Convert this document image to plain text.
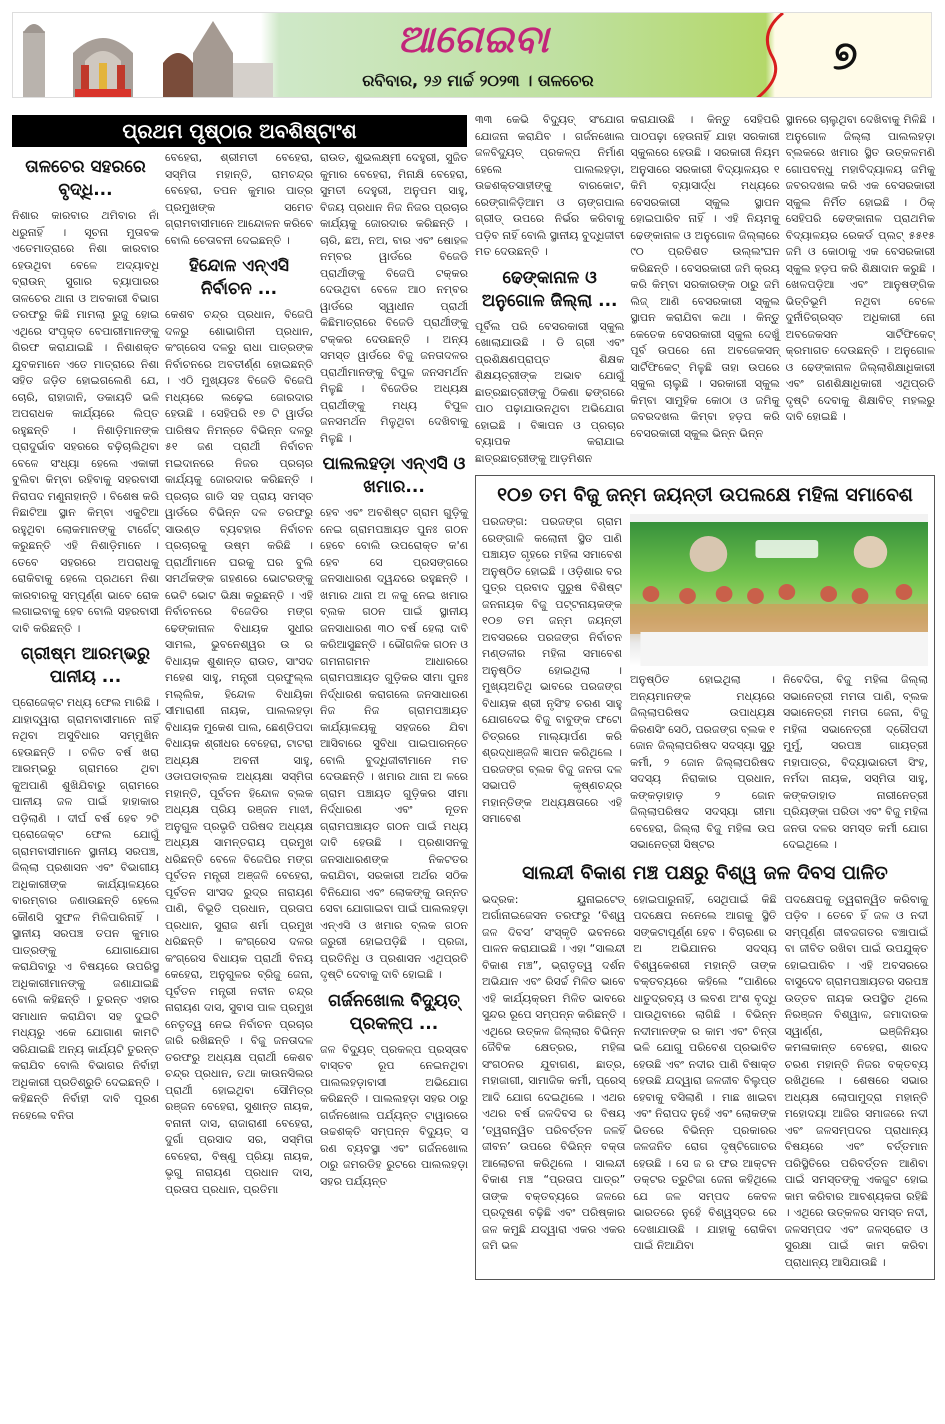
ଆଗେଇବା
ରବିବାର, ୨୬ ମାର୍ଚ୍ଚ ୨୦୨୩ । ତାଳଚେର
୭
ପ୍ରଥମ ପୃଷ୍ଠାର ଅବଶିଷ୍ଟାଂଶ
ତାଳଚେର ସହରରେ ବୃଦ୍ଧି...

ନିଶାର କାରବାର ଥମିବାର ନାଁ ଧରୁନାହିଁ । ସୂଚନା ମୁତାବକ ଏତେମାତ୍ରାରେ ନିଶା କାରବାର ହେଉଥିବା ବେଳେ ଅଦ୍ୟାବଧି ବ୍ରାଉନ୍ ସୁଗାର ବ୍ୟାପାରର ତାଳଚେର ଥାନା ଓ ଅବକାରୀ ବିଭାଗ ତରଫରୁ କିଛି ମାମଲା ରୁଜୁ ହୋଇ ଏଥିରେ ସଂପୃକ୍ତ ବେପାରୀମାନଙ୍କୁ ଗିରଫ କରାଯାଇଛି । ନିଶାଶକ୍ତ ଯୁବକମାନେ ଏତେ ମାତ୍ରାରେ ନିଶା ସହିତ ଜଡ଼ିତ ହୋଇଗଲେଣି ଯେ, ଚୋରି, ରାହାଜାନି, ଡକାୟତି ଭଳି ଅପରାଧକ କାର୍ଯ୍ୟରେ ଲିପ୍ତ ରହୁଛନ୍ତି । ନିଶାଡ଼ିମାନଙ୍କ ପ୍ରାଦୁର୍ଭାବ ସହରରେ ବଢ଼ିଚାଲିଥିବା ବେଳେ ସଂଧ୍ୟା ହେଲେ ଏକାକୀ ବୁଲିବା କିମ୍ବା ରହିବାକୁ ସହରବାସୀ ନିରାପଦ ମଣୁନାହାନ୍ତି । ବିଶେଷ କରି ନିଛାଟିଆ ସ୍ଥାନ କିମ୍ବା ଏକୁଟିଆ ରହୁଥିବା ଲୋକମାନଙ୍କୁ ଟାର୍ଗେଟ୍ କରୁଛନ୍ତି ଏହି ନିଶାଡ଼ିମାନେ । ତେବେ ସହରରେ ଅପରାଧକୁ ରୋକିବାକୁ ହେଲେ ପ୍ରଥମେ ନିଶା କାରବାରକୁ ସମ୍ପୂର୍ଣ୍ଣ ଭାବେ ରୋକ ଲଗାଇବାକୁ ହେବ ବୋଲି ସହରବାସୀ ଦାବି କରିଛନ୍ତି ।

ଗ୍ରୀଷ୍ମ ଆରମ୍ଭରୁ ପାନୀୟ ...

ପ୍ରୋଜେକ୍ଟ ମଧ୍ୟ ଫେଲ ମାରିଛି । ଯାହାଦ୍ୱାରା ଗ୍ରାମବାସୀମାନେ ନାହିଁ ନଥିବା ଅସୁବିଧାର ସମ୍ମୁଖିନ ହେଉଛନ୍ତି । ଚଳିତ ବର୍ଷ ଖରା ଆରମ୍ଭରୁ ଗ୍ରାମରେ ଥିବା କୁଅପାଣି ଶୁଖିଯିବାରୁ ଗ୍ରାମରେ ପାନୀୟ ଜଳ ପାଇଁ ହାହାକାର ପଡ଼ିଲାଣି । ଦୀର୍ଘ ବର୍ଷ ହେବ ୨ଟି ପ୍ରୋଜେକ୍ଟ ଫେଲ ଯୋଗୁଁ ଗ୍ରାମବାସୀମାନେ ସ୍ଥାନୀୟ ସରପଞ୍ଚ, ଜିଲ୍ଲା ପ୍ରଶାସନ ଏବଂ ବିଭାଗୀୟ ଅଧିକାରୀଙ୍କ କାର୍ଯ୍ୟାଳୟରେ ବାରମ୍ବାର ଜଣାଉଛନ୍ତି ହେଲେ କୌଣସି ସୁଫଳ ମିଳିପାରିନାହିଁ । ସ୍ଥାନୀୟ ସରପଞ୍ଚ ତପନ କୁମାର ପାତ୍ରଙ୍କୁ ଯୋଗାଯୋଗ କରାଯିବାରୁ ଏ ବିଷୟରେ ଉପରିସ୍ଥ ଅଧିକାରୀମାନଙ୍କୁ ଜଣାଯାଇଛି ବୋଲି କହିଛନ୍ତି । ତୁରନ୍ତ ଏହାର ସମାଧାନ କରାଯିବା ସହ ଦୁଇଟି ମଧ୍ୟରୁ ଏକେ ଯୋଗାଣ କାମଟି ସରିଯାଇଛି ଅନ୍ୟ କାର୍ଯ୍ୟଟି ତୁରନ୍ତ କରାଯିବ ବୋଲି ବିଭାଗର ନିର୍ବାହୀ ଅଧିକାରୀ ପ୍ରତିଶ୍ରୁତି ଦେଇଛନ୍ତି । କହିଛନ୍ତି ନିର୍ବାହୀ ଦାବି ପୂରଣ ନହେଲେ ବନିତା

ବେହେରା, ଶ୍ରୀମତୀ ବେହେରା, ସସ୍ମିତା ମହାନ୍ତି, ରାମଚନ୍ଦ୍ର ବେହେରା, ତପନ କୁମାର ପାତ୍ର ପ୍ରମୁଖଙ୍କ ସମେତ ଗ୍ରାମବାସୀମାନେ ଆନ୍ଦୋଳନ କରିବେ ବୋଲି ଚେତାବନୀ ଦେଇଛନ୍ତି ।

ହିନ୍ଦୋଳ ଏନ୍ଏସି ନିର୍ବାଚନ ...

କେଶବ ଚନ୍ଦ୍ର ପ୍ରଧାନ, ବିଜେପି ଦଳରୁ ଶୋଭାଗିନୀ ପ୍ରଧାନ, କଂଗ୍ରେସ ଦଳରୁ ରାଧା ପାତ୍ରଙ୍କ ନିର୍ବାଚନରେ ଅବତୀର୍ଣ୍ଣ ହୋଇଛନ୍ତି । ଏଠି ମୁଖ୍ୟତଃ ବିଜେଡି ବିଜେପି ମଧ୍ୟରେ ଲଢ଼େଇ ଜୋରଦାର ହେଉଛି । ସେହିପରି ୧୭ ଟି ୱାର୍ଡର ପାରିଷଦ ନିମନ୍ତେ ବିଭିନ୍ନ ଦଳରୁ ୫୧ ଜଣ ପ୍ରାର୍ଥୀ ନିର୍ବାଚନ ମଇଦାନରେ ନିଜର ପ୍ରଚାର କାର୍ଯ୍ୟକୁ ଜୋରଦାର କରିଛନ୍ତି । ପ୍ରଚାର ଗାଡି ସହ ପ୍ରାୟ ସମସ୍ତ ୱାର୍ଡରେ ବିଭିନ୍ନ ଦଳ ତରଫରୁ ସାଉଣ୍ଡ ବ୍ୟବହାର ନିର୍ବାଚନ ପ୍ରଚାରକୁ ଉଷ୍ମ କରିଛି । ପ୍ରାର୍ଥୀମାନେ ଘରକୁ ଘର ବୁଲି ସମର୍ଥକଙ୍କ ଗହଣରେ ଭୋଟରଙ୍କୁ ଭେଟି ଭୋଟ ଭିକ୍ଷା କରୁଛନ୍ତି । ଏହି ନିର୍ବାଚନରେ ବିଜେଡିର ମଙ୍ଗ ଢେଙ୍କାନାଳ ବିଧାୟକ ସୁଧୀର ସାମଲ, ଭୁବନେଶ୍ୱର ଉ ର ବିଧାୟକ ଶୁଶାନ୍ତ ରାଉତ, ସାଂସଦ ମହେଶ ସାହୁ, ମନ୍ତ୍ରୀ ପ୍ରଫୁଲ୍ଲ ମଲ୍ଲିକ, ହିନ୍ଦୋଳ ବିଧାୟିକା ସୀମାରାଣୀ ନାୟକ, ପାଲଲହଡ଼ା ବିଧାୟକ ମୁକେଶ ପାଲ, ଛେଣ୍ଡିପଦା ବିଧାୟକ ଶ୍ରୀଧର ବେହେରା, ଟାଟରା ଅଧ୍ୟକ୍ଷ ଅବନୀ ସାହୁ, ଓଡାପଡାବ୍ଲକ ଅଧ୍ୟକ୍ଷା ସସ୍ମିତା ମହାନ୍ତି, ପୂର୍ବତନ ହିନ୍ଦୋଳ ବ୍ଲକ ଅଧ୍ୟକ୍ଷ ପ୍ରିୟ ରଞ୍ଜନ ମାଝୀ, ଅନୁଗୁଳ ପ୍ରଭୃତି ପରିଷଦ ଅଧ୍ୟକ୍ଷ ଅଧ୍ୟକ୍ଷ ସାମନ୍ତରାୟ ପ୍ରମୁଖ ଧରିଛନ୍ତି ବେଳେ ବିଜେପିର ମଙ୍ଗ ପୂର୍ବତନ ମନ୍ତ୍ରୀ ଅଞ୍ଜଳି ବେହେରା, ପୂର୍ବତନ ସାଂସଦ ରୁଦ୍ର ନାରାୟଣ ପାଣି, ବିଭୂତି ପ୍ରଧାନ, ପ୍ରତାପ ପ୍ରଧାନ, ସୁରାଜ ଶର୍ମା ପ୍ରମୁଖ ଧରିଛନ୍ତି । କଂଗ୍ରେସ ଦଳର କଂଗ୍ରେସ ବିଧାୟକ ପ୍ରାର୍ଥୀ ବିନୟ କେହେରା, ଅନୁଗୁଳର ବ୍ରିଜୁ ଜେନା, ପୂର୍ବତନ ମନ୍ତ୍ରୀ ନବୀନ ଚନ୍ଦ୍ର ନାରାୟଣ ଦାସ, ସୁବାସ ପାଳ ପ୍ରମୁଖ ନେତୃତ୍ୱ ନେଇ ନିର୍ବାଚନ ପ୍ରଚାର ଜାରି ରଖିଛନ୍ତି । ବିଜୁ ଜନତାଦଳ ତରଫରୁ ଅଧ୍ୟକ୍ଷ ପ୍ରାର୍ଥୀ କେଶବ ଚନ୍ଦ୍ର ପ୍ରଧାନ, ତଥା କାଉନସିଲର ପ୍ରାର୍ଥୀ ହୋଇଥିବା ସୌମିତ୍ର ରଞ୍ଜନ ବେହେରା, ସୁଶାନ୍ତ ନାୟକ, ବନାନୀ ଦାସ, ରାଜାରାଣୀ ବେହେରା, ଦୁର୍ଗା ପ୍ରସାଦ ସର, ସସ୍ମିତା ବେହେରା, ବିଷ୍ଣୁ ପ୍ରିୟା ନାୟକ, ଭୃଗୁ ନାରାୟଣ ପ୍ରଧାନ ଦାସ, ପ୍ରତାପ ପ୍ରଧାନ, ପ୍ରତିମା

ରାଉତ, ଶୁଭଲକ୍ଷ୍ମୀ ଦେହୁରୀ, ସୁଜିତ କୁମାର ବେହେରା, ମିନାକ୍ଷି ବେହେରା, ସୁମତୀ ଦେହୁରୀ, ଅନୁପମ ସାହୁ, ବିଜୟ ପ୍ରଧାନ ନିଜ ନିଜର ପ୍ରଚାର କାର୍ଯ୍ୟକୁ ଜୋରଦାର କରିଛନ୍ତି । ଚାରି, ଛଅ, ନଅ, ବାର ଏବଂ ଷୋହଳ ନମ୍ବର ୱାର୍ଡରେ ବିଜେଡି ପ୍ରାର୍ଥୀଙ୍କୁ ବିଜେପି ଟକ୍କର ଦେଉଥିବା ବେଳେ ଆଠ ନମ୍ବର ୱାର୍ଡରେ ସ୍ୱାଧୀନ ପ୍ରାର୍ଥୀ କିଛିମାତ୍ରାରେ ବିଜେଡି ପ୍ରାର୍ଥୀଙ୍କୁ ଟକ୍କର ଦେଉଛନ୍ତି । ଅନ୍ୟ ସମସ୍ତ ୱାର୍ଡରେ ବିଜୁ ଜନତାଦଳର ପ୍ରାର୍ଥୀମାନଙ୍କୁ ବିପୁଳ ଜନସମର୍ଥନ ମିଳୁଛି । ବିଜେଡିର ଅଧ୍ୟକ୍ଷ ପ୍ରାର୍ଥୀଙ୍କୁ ମଧ୍ୟ ବିପୁଳ ଜନସମର୍ଥନ ମିଳୁଥିବା ଦେଖିବାକୁ ମିଳୁଛି ।

ପାଲଲହଡ଼ା ଏନ୍ଏସି ଓ ଖମାର...

ହେବ ଏବଂ ଅବଶିଷ୍ଟ ଗ୍ରାମ ଗୁଡ଼ିକୁ ନେଇ ଗ୍ରାମପଞ୍ଚାୟତ ପୁନଃ ଗଠନ ହେବେ ବୋଲି ଉପରୋକ୍ତ କ'ଣ ହେବ ସେ ପ୍ରସଙ୍ଗରେ ଜନସାଧାରଣ ଦ୍ୱନ୍ଦରେ ରହୁଛନ୍ତି । ଖମାର ଥାନା ଅ ଳକୁ ନେଇ ଖମାର ବ୍ଲକ ଗଠନ ପାଇଁ ସ୍ଥାନୀୟ ଜନସାଧାରଣ ୩୦ ବର୍ଷ ହେଲା ଦାବି କରିଆସୁଛନ୍ତି । ଭୌଗଳିକ ଗଠନ ଓ ଗମନାଗମନ ଆଧାରରେ ଗ୍ରାମପଞ୍ଚାୟତ ଗୁଡ଼ିକର ସୀମା ପୁନଃ ନିର୍ଦ୍ଧାରଣ କରାଗଲେ ଜନସାଧାରଣ ନିଜ ନିଜ ଗ୍ରାମପଞ୍ଚାୟତ କାର୍ଯ୍ୟାଳୟକୁ ସହଜରେ ଯିବା ଆସିବାରେ ସୁବିଧା ପାଇପାରନ୍ତେ ବୋଲି ବୁଦ୍ଧିଜୀବୀମାନେ ମତ ଦେଉଛନ୍ତି । ଖମାର ଥାନା ଅ ଳରେ ଗ୍ରାମ ପଞ୍ଚାୟତ ଗୁଡ଼ିକର ସୀମା ନିର୍ଦ୍ଧାରଣ ଏବଂ ନୂତନ ଗ୍ରାମପଞ୍ଚାୟତ ଗଠନ ପାଇଁ ମଧ୍ୟ ଦାବି ହେଉଛି । ପ୍ରଶାସନକୁ ଜନସାଧାରଣଙ୍କ ନିକଟତର କରାଯିବା, ସରକାରୀ ଅର୍ଥର ସଠିକ ବିନିଯୋଗ ଏବଂ ଲୋକଙ୍କୁ ଉନ୍ନତ ସେବା ଯୋଗାଇବା ପାଇଁ ପାଲଲହଡ଼ା ଏନ୍ଏସି ଓ ଖମାର ବ୍ଲକ ଗଠନ ଜରୁରୀ ହୋଇପଡ଼ିଛି । ପ୍ରଜା, ପ୍ରତିନିଧି ଓ ପ୍ରଶାସନ ଏଥିପ୍ରତି ଦୃଷ୍ଟି ଦେବାକୁ ଦାବି ହୋଇଛି ।

ଗର୍ଜନଖୋଲ ବିଦ୍ୟୁତ୍ ପ୍ରକଳ୍ପ ...

ଜଳ ବିଦ୍ୟୁତ୍ ପ୍ରକଳ୍ପ ପ୍ରସ୍ତାବ ବାସ୍ତବ ରୂପ ନେଇନଥିବା ପାଲଲହଡ଼ାବାସୀ ଅଭିଯୋଗ କରିଛନ୍ତି । ପାଲଲହଡ଼ା ସହର ଠାରୁ ଗର୍ଜନଖୋଲ ପର୍ଯ୍ୟନ୍ତ ଟାୱାରରେ ଉଚ୍ଚଶକ୍ତି ସମ୍ପନ୍ନ ବିଦ୍ୟୁତ୍ ସ ରଣ ବ୍ୟବସ୍ଥା ଏବଂ ଗର୍ଜନଖୋଲ ଠାରୁ ଜମରଡିହ ରୁଟରେ ପାଲଲହଡ଼ା ସହର ପର୍ଯ୍ୟନ୍ତ

୩୩ କେଭି ବିଦ୍ୟୁତ୍ ସଂଯୋଗ ଯୋଜନା କରାଯିବ । ଗର୍ଜନଖୋଲ ଜଳବିଦ୍ୟୁତ୍ ପ୍ରକଳ୍ପ ନିର୍ମାଣ ହେଲେ ପାଲଲହଡ଼ା, ଉଚ୍ଚଶକ୍ତସାହୀଙ୍କୁ ବାରକୋଟ, ରେଙ୍ଗାଳିଡ଼ିଆମ ଓ ଚାଙ୍ଗପାଲ ଗ୍ରୀଡ୍ ଉପରେ ନିର୍ଭର କରିବାକୁ ପଡ଼ିବ ନାହିଁ ବୋଲି ସ୍ଥାନୀୟ ବୁଦ୍ଧିଜୀବୀ ମତ ଦେଉଛନ୍ତି ।

ଢେଙ୍କାନାଳ ଓ ଅନୁଗୋଳ ଜିଲ୍ଲା ...

ପୂର୍ବିଲ ପରି ବେସରକାରୀ ସ୍କୁଲ ଖୋଲାଯାଉଛି । ଡି ଗ୍ରୀ ଏବଂ ପ୍ରଶିକ୍ଷଣପ୍ରାପ୍ତ ଶିକ୍ଷକ ଶିକ୍ଷୟତ୍ରୀଙ୍କ ଅଭାବ ଯୋଗୁଁ ଛାତ୍ରଛାତ୍ରୀଙ୍କୁ ଠିକଣା ଢଙ୍ଗରେ ପାଠ ପଢ଼ାଯାଉନଥିବା ଅଭିଯୋଗ ହୋଇଛି । ବିଜ୍ଞାପନ ଓ ପ୍ରଚାର ବ୍ୟାପକ କରାଯାଇ ଛାତ୍ରଛାତ୍ରୀଙ୍କୁ ଆଡ଼ମିଶନ

କରାଯାଉଛି । କିନ୍ତୁ ସେହିପରି ପାଠପଢ଼ା ହେଉନାହିଁ ଯାହା ସରକାରୀ ସ୍କୁଲରେ ହେଉଛି । ସରକାରୀ ନିୟମ ଅନୁସାରେ ସରକାରୀ ବିଦ୍ୟାଳୟର ୧ କିମି ବ୍ୟାସାର୍ଦ୍ଧ ମଧ୍ୟରେ ବେସରକାରୀ ସ୍କୁଲ ସ୍ଥାପନ ହୋଇପାରିବ ନାହିଁ । ଏହି ନିୟମକୁ ଢେଙ୍କାନାଳ ଓ ଅନୁଗୋଳ ଜିଲ୍ଲାରେ ୯୦ ପ୍ରତିଶତ ଉଲ୍ଲଂଘନ କରିଛନ୍ତି । ବେସରକାରୀ ଜମି କ୍ରୟ କରି କିମ୍ବା ସରକାରଙ୍କ ଠାରୁ ଜମି ଲିଜ୍ ଆଣି ବେସରକାରୀ ସ୍କୁଲ ସ୍ଥାପନ କରାଯିବା କଥା । କିନ୍ତୁ କେତେକ ବେସରକାରୀ ସ୍କୁଲ ଦେଖୁଁ ପୂର୍ବ ଉପରେ ନୋ ଅବଜେକସନ୍ ସାର୍ଟିଫିକେଟ୍ ମିଳୁଛି ତାହା ଉପରେ ସ୍କୁଲ ଚାଲୁଛି । ସରକାରୀ ସ୍କୁଲ କିମ୍ବା ସାମୁହିକ କୋଠା ଓ ଜମିକୁ ଜବରଦଖଲ କିମ୍ବା ହଡ଼ପ କରି ବେସରକାରୀ ସ୍କୁଲ ଭିନ୍ନ ଭିନ୍ନ

ସ୍ଥାନରେ ଚାଲୁଥିବା ଦେଖିବାକୁ ମିଳିଛି । ଅନୁଗୋଳ ଜିଲ୍ଲା ପାଲଲହଡ଼ା ବ୍ଲକରେ ଖମାର ସ୍ଥିତ ଉତ୍କଳମଣି ଗୋପବନ୍ଧୁ ମହାବିଦ୍ୟାଳୟ ଜମିକୁ ଜବରଦଖଲ କରି ଏକ ବେସରକାରୀ ସ୍କୁଲ ନିର୍ମିତ ହୋଇଛି । ଠିକ୍ ସେହିପରି ଢେଙ୍କାନାଳ ପ୍ରାଥମିକ ବିଦ୍ୟାଳୟର ରେକର୍ଡ ପ୍ଲଟ୍ ୫୫୧୫ ଜମି ଓ କୋଠାକୁ ଏକ ବେସରକାରୀ ସ୍କୁଲ ହଡ଼ପ କରି ଶିକ୍ଷାଦାନ କରୁଛି । ଖେଳପଡ଼ିଆ ଏବଂ ଆନୁଷଙ୍ଗିକ ଭିତ୍ତିଭୂମି ନଥିବା ବେଳେ ଦୁର୍ନୀତିଗ୍ରସ୍ତ ଅଧିକାରୀ ନୋ ଅବଜେକସନ ସାର୍ଟିଫିକେଟ୍ କ୍ରମାଗତ ଦେଉଛନ୍ତି । ଅନୁଗୋଳ ଓ ଢେଙ୍କାନାଳ ଜିଲ୍ଲାଶିକ୍ଷାଧିକାରୀ ଏବଂ ଗଣଶିକ୍ଷାଧିକାରୀ ଏଥିପ୍ରତି ଦୃଷ୍ଟି ଦେବାକୁ ଶିକ୍ଷାବିତ୍ ମହଲରୁ ଦାବି ହୋଇଛି ।

୧୦୭ ତମ ବିଜୁ ଜନ୍ମ ଜୟନ୍ତୀ ଉପଲକ୍ଷେ ମହିଳା ସମାବେଶ
ପରଜଙ୍ଗ: ପରଜଙ୍ଗ ଗ୍ରାମ ରେଙ୍ଗାଳି କଲୋନୀ ସ୍ଥିତ ପାଣି ପଞ୍ଚାୟତ ଗୃହରେ ମହିଳା ସମାବେଶ ଅନୁଷ୍ଠିତ ହୋଇଛି । ଓଡ଼ିଶାର ବର ପୁତ୍ର ପ୍ରବାଦ ପୁରୁଷ ବିଶିଷ୍ଟ ଜନନାୟକ ବିଜୁ ପଟ୍ଟନାୟକଙ୍କ ୧୦୭ ତମ ଜନ୍ମ ଜୟନ୍ତୀ ଅବସରରେ ପରଜଙ୍ଗ ନିର୍ବାଚନ ମଣ୍ଡଳୀର ମହିଳା ସମାବେଶ ଅନୁଷ୍ଠିତ ହୋଇଥିଲା । ମୁଖ୍ୟଅତିଥି ଭାବରେ ପରଜଙ୍ଗ ବିଧାୟକ ଶ୍ରୀ ନୃସିଂହ ଚରଣ ସାହୁ ଯୋଗଦେଇ ବିଜୁ ବାବୁଙ୍କ ଫଟୋ ଚିତ୍ରରେ ମାଲ୍ୟାର୍ପଣ କରି ଶ୍ରଦ୍ଧାଞ୍ଜଳି ଜ୍ଞାପନ କରିଥିଲେ । ପରଜଙ୍ଗ ବ୍ଲକ ବିଜୁ ଜନତା ଦଳ ସଭାପତି କୃଷ୍ଣଚନ୍ଦ୍ର ମହାନ୍ତିଙ୍କ ଅଧ୍ୟକ୍ଷତାରେ ଏହି ସମାବେଶ
ଅନୁଷ୍ଠିତ ହୋଇଥିଲା । ଅନ୍ୟମାନଙ୍କ ମଧ୍ୟରେ ଜିଲ୍ଲାପରିଷଦ ଉପାଧ୍ୟକ୍ଷ କିରଣସିଂ ସେଠି, ପରଜଙ୍ଗ ବ୍ଲକ ୧ ଜୋନ ଜିଲ୍ଲାପରିଷଦ ସଦସ୍ୟା ସୁରୁ କର୍ମୀ, ୨ ଜୋନ ଜିଲ୍ଲାପରିଷଦ ସଦସ୍ୟ ନିରାକାର ପ୍ରଧାନ, କଙ୍କଡ଼ାହାଡ଼ ୨ ଜୋନ ଜିଲ୍ଲାପରିଷଦ ସଦସ୍ୟା ରୀମା ବେହେରା, ଜିଲ୍ଲା ବିଜୁ ମହିଳା ଉପ ସଭାନେତ୍ରୀ ସିଷ୍ଟର
ନିବେଦିତା, ବିଜୁ ମହିଳା ଜିଲ୍ଲା ସଭାନେତ୍ରୀ ମମତା ପାଣି, ବ୍ଲକ ସଭାନେତ୍ରୀ ମମତା ଜେନା, ବିଜୁ ମହିଳା ସଭାନେତ୍ରୀ ଦ୍ରୌପଦୀ ମୁର୍ମୁ, ସରପଞ୍ଚ ଗାୟତ୍ରୀ ମହାପାତ୍ର, ବିଦ୍ୟାଭାରତୀ ସିଂହ, ନର୍ମଦା ନାୟକ, ସସ୍ମିତା ସାହୁ, କଙ୍କଡାହାଡ ନାରୀନେତ୍ରୀ ପ୍ରିୟଙ୍କା ପରିଡା ଏବଂ ବିଜୁ ମହିଳା ଜନତା ଦଳର ସମସ୍ତ କର୍ମୀ ଯୋଗ ଦେଇଥିଲେ ।
ସାଲନ୍ଦୀ ବିକାଶ ମଞ୍ଚ ପକ୍ଷରୁ ବିଶ୍ୱ ଜଳ ଦିବସ ପାଳିତ
ଭଦ୍ରକ: ୟୁନାଇଟେଡ୍ ଅର୍ଗାନାଇଜେସନ ତରଫରୁ ‘ବିଶ୍ୱ ଜଳ ଦିବସ’ ସଂସ୍କୃତି ଭବନରେ ପାଳନ କରାଯାଇଛି । ଏହା “ସାଲନ୍ଦୀ ବିକାଶ ମଞ୍ଚ”, ଭ୍ରାତୃତ୍ୱ ଦର୍ଶନ ଅଭିଯାନ ଏବଂ ରିସର୍ଚ୍ଚ ମିଳିତ ଭାବେ ଏହି କାର୍ଯ୍ୟକ୍ରମ ମିଳିତ ଭାବରେ ସୁନ୍ଦର ରୂପେ ସମ୍ପନ୍ନ କରିଛନ୍ତି । ଏଥିରେ ଉତ୍କଳ ଜିଲ୍ଲାର ବିଭିନ୍ନ ଜୈବିକ କ୍ଷେତ୍ରର, ମହିଳା ସଂଗଠନର ଯୁବାଗଣ, ଛାତ୍ର, ମହାଜାଗୀ, ସାମାଜିକ କର୍ମୀ, ପ୍ରେସ୍ ଆଦି ଯୋଗ ଦେଇଥିଲେ । ଏଥର ଏଥର ବର୍ଷ ଜଳଦିବସ ର ବିଷୟ ‘ତ୍ୱରାନ୍ୱିତ ପରିବର୍ତ୍ତନ ଜଳହିଁ ଜୀବନ’ ଉପରେ ବିଭିନ୍ନ ବକ୍ତା ଆଲୋଚନା କରିଥିଲେ । ସାଲନ୍ଦୀ ବିକାଶ ମଞ୍ଚ “ପ୍ରତାପ ପାତ୍ର” ତାଙ୍କ ବକ୍ତବ୍ୟରେ ଜଳରେ ପ୍ରଦୂଷଣ ବଢ଼ିଛି ଏବଂ ପରିଷ୍କାର ଜଳ କମୁଛି ଯଦ୍ୱାରା ଏକର ଏକର ଜମି ଭଳ
ହୋଇପାରୁନାହିଁ, ସେଥିପାଇଁ କିଛି ପଦକ୍ଷେପ ନନେଲେ ଆଗକୁ ସ୍ଥିତି ସଙ୍କଟାପୂର୍ଣ୍ଣ ହେବ । ବିଚାରଣା ର ଅ ଅଭିଯାନର ସଦସ୍ୟ ବିଶ୍ୱକେଶରୀ ମହାନ୍ତି ତାଙ୍କ ବକ୍ତବ୍ୟରେ କହିଲେ “ପାଣିରେ ଧାତୁଦ୍ରବ୍ୟ ଓ ଲବଣ ଅଂଶ ବୃଦ୍ଧି ପାଉଥିବାରେ ଲାଗିଛି । ବିଭିନ୍ନ ନଦୀମାନଙ୍କ ର କାମ ଏବଂ ଚିନ୍ତା ଭଳି ଯୋଗୁ ପରିବେଶ ପ୍ରଭାବିତ ହେଉଛି ଏବଂ ନଦୀର ପାଣି ବିଷାକ୍ତ ହେଉଛି ଯଦ୍ୱାରା ଜଳଜୀବ ବିଲୁପ୍ତ ହେବାକୁ ବସିଲାଣି । ମାଛ ଖାଇବା ଏବଂ ନିରାପଦ ନୁହେଁ ଏବଂ ଲୋକଙ୍କ ଭିତରେ ବିଭିନ୍ନ ପ୍ରକାରର ଜଳଜନିତ ରୋଗ ଦୃଷ୍ଟିଗୋଚର ହେଉଛି । ସେ ଜ ର ଫର ଆକ୍ଟନ ଡକ୍ଟର ତ୍ରୁଟିଜା ଜେନା କହିଥିଲେ ଯେ ଜଳ ସମ୍ପଦ କେବଳ ଭାରତରେ ନୁହେଁ ବିଶ୍ୱସ୍ତର ରେ ଦେଖାଯାଉଛି । ଯାହାକୁ ରୋକିବା ପାଇଁ ନିଆଯିବା
ପଦକ୍ଷେପକୁ ତ୍ୱରାନ୍ୱିତ କରିବାକୁ ପଡ଼ିବ । ତେବେ ହିଁ ଜଳ ଓ ନଦୀ ସମ୍ପୂର୍ଣ୍ଣ ଜୀବଜଗତର ବଞ୍ଚାପାଇଁ ବା ଜୀବିତ ରଖିବା ପାଇଁ ଉପଯୁକ୍ତ ହୋଇପାରିବ । ଏହି ଅବସରରେ ବାସୁଦେବ ଗ୍ରାମପଞ୍ଚାୟତର ସରପଞ୍ଚ ଉତ୍ତବ ନାୟକ ଉପସ୍ଥିତ ଥିଲେ ନିରଞ୍ଜନ ବିଶ୍ୱାଳ, ଜମାଦାରକ ସ୍ୱାର୍ଣ୍ଣ, ଇଞ୍ଜିନିୟର କମଳାକାନ୍ତ ବେହେରା, ଶାରଦ ଚରଣ ମହାନ୍ତି ନିଜର ବକ୍ତବ୍ୟ ରଖିଥିଲେ । ଶେଷରେ ସଭାର ଅଧ୍ୟକ୍ଷ ଲୋପାମୁଦ୍ରା ମହାନ୍ତି ମହୋଦୟା ଆଜିର ସମାଜରେ ନଦୀ ଏବଂ ଜଳସମ୍ପଦର ପ୍ରାଧାନ୍ୟ ବିଷୟରେ ଏବଂ ବର୍ତ୍ତମାନ ପରିସ୍ଥିତିରେ ପରିବର୍ତ୍ତନ ଆଣିବା ପାଇଁ ସମସ୍ତଙ୍କୁ ଏକଜୁଟ ହୋଇ କାମ କରିବାର ଆବଶ୍ୟକତା ରହିଛି । ଏଥିରେ ଉତ୍କଳର ସମସ୍ତ ନଦୀ, ଜଳସମ୍ପଦ ଏବଂ ଜଳସ୍ରୋତ ଓ ସୁରକ୍ଷା ପାଇଁ କାମ କରିବା ପ୍ରାଧାନ୍ୟ ଆସିଯାଉଛି ।
